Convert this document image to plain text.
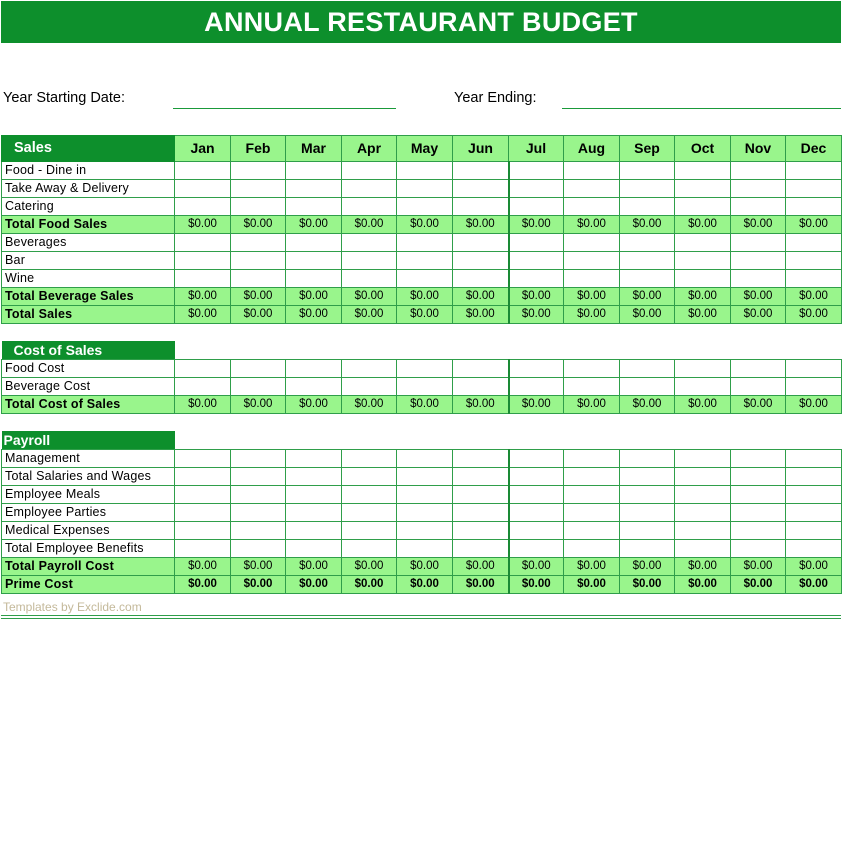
ANNUAL RESTAURANT BUDGET
Year Starting Date:	Year Ending:
Sales	Jan	Feb	Mar	Apr	May	Jun	Jul	Aug	Sep	Oct	Nov	Dec
Food - Dine in												
Take Away & Delivery												
Catering												
Total Food Sales	$0.00	$0.00	$0.00	$0.00	$0.00	$0.00	$0.00	$0.00	$0.00	$0.00	$0.00	$0.00
Beverages												
Bar												
Wine												
Total Beverage Sales	$0.00	$0.00	$0.00	$0.00	$0.00	$0.00	$0.00	$0.00	$0.00	$0.00	$0.00	$0.00
Total Sales	$0.00	$0.00	$0.00	$0.00	$0.00	$0.00	$0.00	$0.00	$0.00	$0.00	$0.00	$0.00

Cost of Sales												
Food Cost												
Beverage Cost												
Total Cost of Sales	$0.00	$0.00	$0.00	$0.00	$0.00	$0.00	$0.00	$0.00	$0.00	$0.00	$0.00	$0.00

Payroll												
Management												
Total Salaries and Wages												
Employee Meals												
Employee Parties												
Medical Expenses												
Total Employee Benefits												
Total Payroll Cost	$0.00	$0.00	$0.00	$0.00	$0.00	$0.00	$0.00	$0.00	$0.00	$0.00	$0.00	$0.00
Prime Cost	$0.00	$0.00	$0.00	$0.00	$0.00	$0.00	$0.00	$0.00	$0.00	$0.00	$0.00	$0.00
Templates by Exclide.com
